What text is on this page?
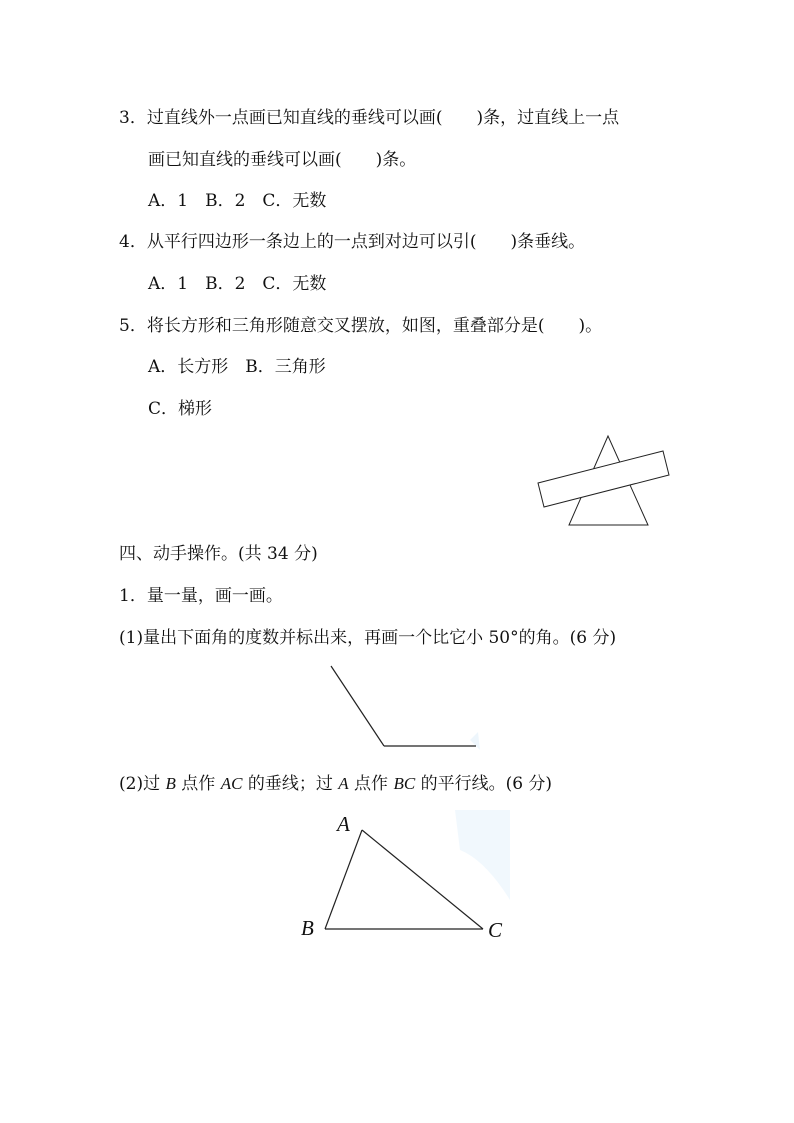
3．过直线外一点画已知直线的垂线可以画(　　)条，过直线上一点
画已知直线的垂线可以画(　　)条。
A．1　B．2　C．无数
4．从平行四边形一条边上的一点到对边可以引(　　)条垂线。
A．1　B．2　C．无数
5．将长方形和三角形随意交叉摆放，如图，重叠部分是(　　)。
A．长方形　B．三角形
C．梯形
四、动手操作。(共 34 分)
1．量一量，画一画。
(1)量出下面角的度数并标出来，再画一个比它小 50°的角。(6 分)
(2)过 B 点作 AC 的垂线；过 A 点作 BC 的平行线。(6 分)
A
B	C
